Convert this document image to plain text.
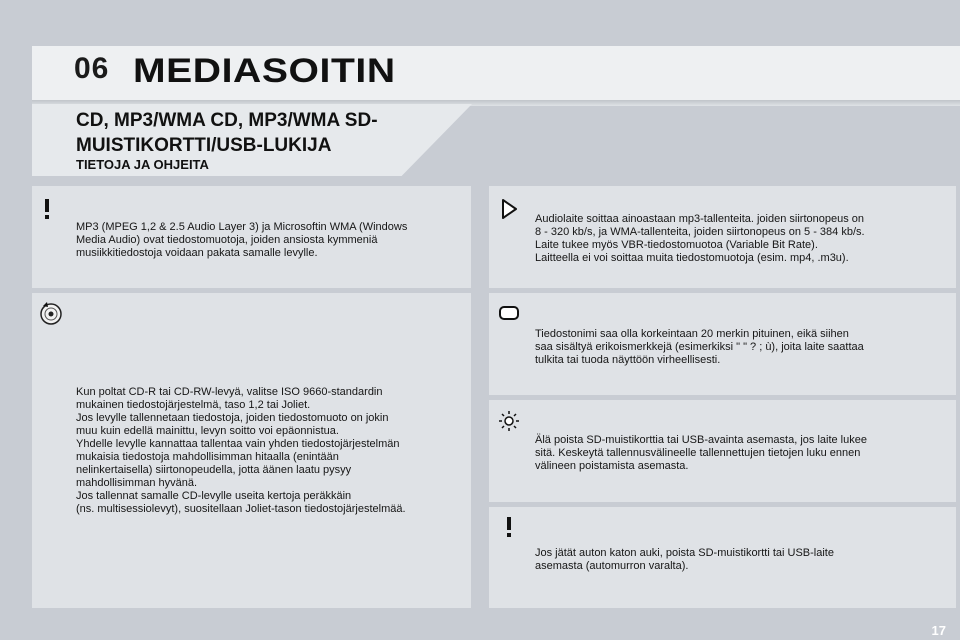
06 MEDIASOITIN
CD, MP3/WMA CD, MP3/WMA SD-MUISTIKORTTI/USB-LUKIJA
TIETOJA JA OHJEITA
MP3 (MPEG 1,2 & 2.5 Audio Layer 3) ja Microsoftin WMA (Windows
Media Audio) ovat tiedostomuotoja, joiden ansiosta kymmeniä
musiikkitiedostoja voidaan pakata samalle levylle.
Kun poltat CD-R tai CD-RW-levyä, valitse ISO 9660-standardin
mukainen tiedostojärjestelmä, taso 1,2 tai Joliet.
Jos levylle tallennetaan tiedostoja, joiden tiedostomuoto on jokin
muu kuin edellä mainittu, levyn soitto voi epäonnistua.
Yhdelle levylle kannattaa tallentaa vain yhden tiedostojärjestelmän
mukaisia tiedostoja mahdollisimman hitaalla (enintään
nelinkertaisella) siirtonopeudella, jotta äänen laatu pysyy
mahdollisimman hyvänä.
Jos tallennat samalle CD-levylle useita kertoja peräkkäin
(ns. multisessiolevyt), suositellaan Joliet-tason tiedostojärjestelmää.
Audiolaite soittaa ainoastaan mp3-tallenteita. joiden siirtonopeus on
8 - 320 kb/s, ja WMA-tallenteita, joiden siirtonopeus on 5 - 384 kb/s.
Laite tukee myös VBR-tiedostomuotoa (Variable Bit Rate).
Laitteella ei voi soittaa muita tiedostomuotoja (esim. mp4, .m3u).
Tiedostonimi saa olla korkeintaan 20 merkin pituinen, eikä siihen
saa sisältyä erikoismerkkejä (esimerkiksi " " ? ; ù), joita laite saattaa
tulkita tai tuoda näyttöön virheellisesti.
Älä poista SD-muistikorttia tai USB-avainta asemasta, jos laite lukee
sitä. Keskeytä tallennusvälineelle tallennettujen tietojen luku ennen
välineen poistamista asemasta.
Jos jätät auton katon auki, poista SD-muistikortti tai USB-laite
asemasta (automurron varalta).
17
